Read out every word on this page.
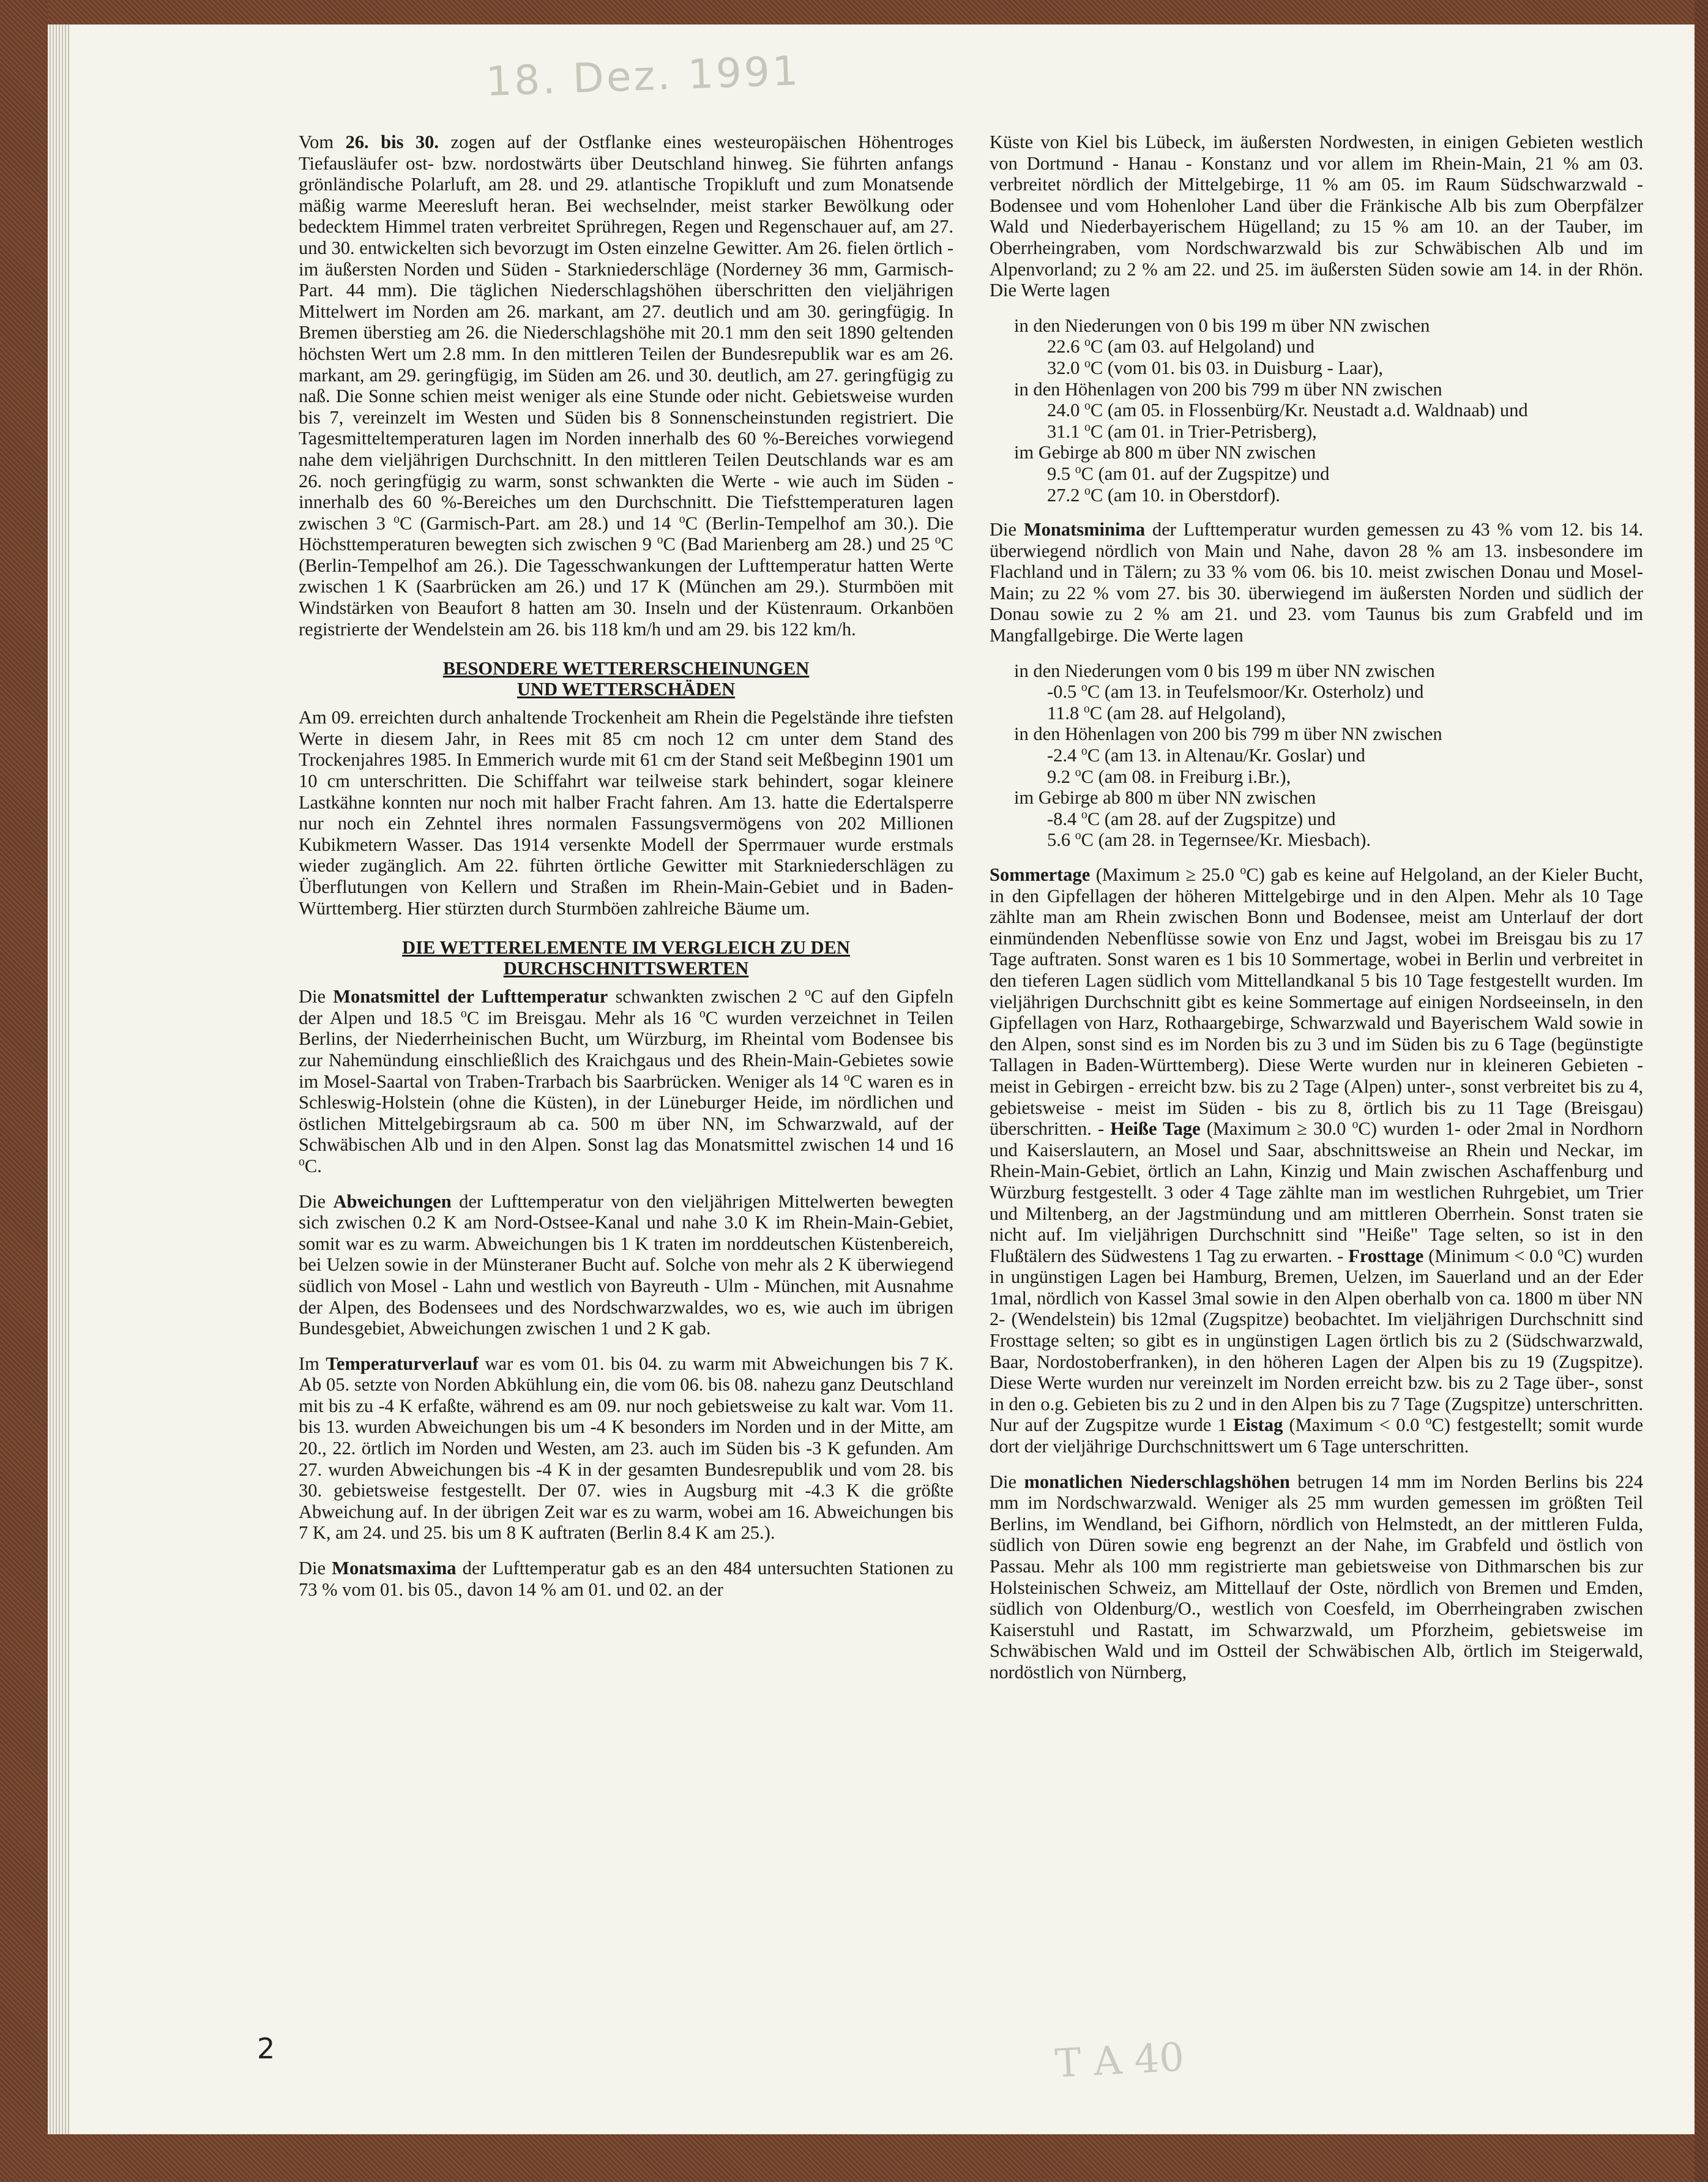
18. Dez. 1991
T A 40

Vom 26. bis 30. zogen auf der Ostflanke eines westeuropäischen Höhentroges Tiefausläufer ost- bzw. nordostwärts über Deutschland hinweg. Sie führten anfangs grönländische Polarluft, am 28. und 29. atlantische Tropikluft und zum Monatsende mäßig warme Meeresluft heran. Bei wechselnder, meist starker Bewölkung oder bedecktem Himmel traten verbreitet Sprühregen, Regen und Regenschauer auf, am 27. und 30. entwickelten sich bevorzugt im Osten einzelne Gewitter. Am 26. fielen örtlich - im äußersten Norden und Süden - Starkniederschläge (Norderney 36 mm, Garmisch-Part. 44 mm). Die täglichen Niederschlagshöhen überschritten den vieljährigen Mittelwert im Norden am 26. markant, am 27. deutlich und am 30. geringfügig. In Bremen überstieg am 26. die Niederschlagshöhe mit 20.1 mm den seit 1890 geltenden höchsten Wert um 2.8 mm. In den mittleren Teilen der Bundesrepublik war es am 26. markant, am 29. geringfügig, im Süden am 26. und 30. deutlich, am 27. geringfügig zu naß. Die Sonne schien meist weniger als eine Stunde oder nicht. Gebietsweise wurden bis 7, vereinzelt im Westen und Süden bis 8 Sonnenscheinstunden registriert. Die Tagesmitteltemperaturen lagen im Norden innerhalb des 60 %-Bereiches vorwiegend nahe dem vieljährigen Durchschnitt. In den mittleren Teilen Deutschlands war es am 26. noch geringfügig zu warm, sonst schwankten die Werte - wie auch im Süden - innerhalb des 60 %-Bereiches um den Durchschnitt. Die Tiefsttemperaturen lagen zwischen 3 $^o$C (Garmisch-Part. am 28.) und 14 $^o$C (Berlin-Tempelhof am 30.). Die Höchsttemperaturen bewegten sich zwischen 9 $^o$C (Bad Marienberg am 28.) und 25 $^o$C (Berlin-Tempelhof am 26.). Die Tagesschwankungen der Lufttemperatur hatten Werte zwischen 1 K (Saarbrücken am 26.) und 17 K (München am 29.). Sturmböen mit Windstärken von Beaufort 8 hatten am 30. Inseln und der Küstenraum. Orkanböen registrierte der Wendelstein am 26. bis 118 km/h und am 29. bis 122 km/h.

BESONDERE WETTERERSCHEINUNGEN
UND WETTERSCHÄDEN

Am 09. erreichten durch anhaltende Trockenheit am Rhein die Pegelstände ihre tiefsten Werte in diesem Jahr, in Rees mit 85 cm noch 12 cm unter dem Stand des Trockenjahres 1985. In Emmerich wurde mit 61 cm der Stand seit Meßbeginn 1901 um 10 cm unterschritten. Die Schiffahrt war teilweise stark behindert, sogar kleinere Lastkähne konnten nur noch mit halber Fracht fahren. Am 13. hatte die Edertalsperre nur noch ein Zehntel ihres normalen Fassungsvermögens von 202 Millionen Kubikmetern Wasser. Das 1914 versenkte Modell der Sperrmauer wurde erstmals wieder zugänglich. Am 22. führten örtliche Gewitter mit Starkniederschlägen zu Überflutungen von Kellern und Straßen im Rhein-Main-Gebiet und in Baden-Württemberg. Hier stürzten durch Sturmböen zahlreiche Bäume um.

DIE WETTERELEMENTE IM VERGLEICH ZU DEN
DURCHSCHNITTSWERTEN

Die Monatsmittel der Lufttemperatur schwankten zwischen 2 $^o$C auf den Gipfeln der Alpen und 18.5 $^o$C im Breisgau. Mehr als 16 $^o$C wurden verzeichnet in Teilen Berlins, der Niederrheinischen Bucht, um Würzburg, im Rheintal vom Bodensee bis zur Nahemündung einschließlich des Kraichgaus und des Rhein-Main-Gebietes sowie im Mosel-Saartal von Traben-Trarbach bis Saarbrücken. Weniger als 14 $^o$C waren es in Schleswig-Holstein (ohne die Küsten), in der Lüneburger Heide, im nördlichen und östlichen Mittelgebirgsraum ab ca. 500 m über NN, im Schwarzwald, auf der Schwäbischen Alb und in den Alpen. Sonst lag das Monatsmittel zwischen 14 und 16 $^o$C.

Die Abweichungen der Lufttemperatur von den vieljährigen Mittelwerten bewegten sich zwischen 0.2 K am Nord-Ostsee-Kanal und nahe 3.0 K im Rhein-Main-Gebiet, somit war es zu warm. Abweichungen bis 1 K traten im norddeutschen Küstenbereich, bei Uelzen sowie in der Münsteraner Bucht auf. Solche von mehr als 2 K überwiegend südlich von Mosel - Lahn und westlich von Bayreuth - Ulm - München, mit Ausnahme der Alpen, des Bodensees und des Nordschwarzwaldes, wo es, wie auch im übrigen Bundesgebiet, Abweichungen zwischen 1 und 2 K gab.

Im Temperaturverlauf war es vom 01. bis 04. zu warm mit Abweichungen bis 7 K. Ab 05. setzte von Norden Abkühlung ein, die vom 06. bis 08. nahezu ganz Deutschland mit bis zu -4 K erfaßte, während es am 09. nur noch gebietsweise zu kalt war. Vom 11. bis 13. wurden Abweichungen bis um -4 K besonders im Norden und in der Mitte, am 20., 22. örtlich im Norden und Westen, am 23. auch im Süden bis -3 K gefunden. Am 27. wurden Abweichungen bis -4 K in der gesamten Bundesrepublik und vom 28. bis 30. gebietsweise festgestellt. Der 07. wies in Augsburg mit -4.3 K die größte Abweichung auf. In der übrigen Zeit war es zu warm, wobei am 16. Abweichungen bis 7 K, am 24. und 25. bis um 8 K auftraten (Berlin 8.4 K am 25.).

Die Monatsmaxima der Lufttemperatur gab es an den 484 untersuchten Stationen zu 73 % vom 01. bis 05., davon 14 % am 01. und 02. an der

Küste von Kiel bis Lübeck, im äußersten Nordwesten, in einigen Gebieten westlich von Dortmund - Hanau - Konstanz und vor allem im Rhein-Main, 21 % am 03. verbreitet nördlich der Mittelgebirge, 11 % am 05. im Raum Südschwarzwald - Bodensee und vom Hohenloher Land über die Fränkische Alb bis zum Oberpfälzer Wald und Niederbayerischem Hügelland; zu 15 % am 10. an der Tauber, im Oberrheingraben, vom Nordschwarzwald bis zur Schwäbischen Alb und im Alpenvorland; zu 2 % am 22. und 25. im äußersten Süden sowie am 14. in der Rhön. Die Werte lagen

in den Niederungen von 0 bis 199 m über NN zwischen
22.6 $^o$C (am 03. auf Helgoland) und
32.0 $^o$C (vom 01. bis 03. in Duisburg - Laar),
in den Höhenlagen von 200 bis 799 m über NN zwischen
24.0 $^o$C (am 05. in Flossenbürg/Kr. Neustadt a.d. Waldnaab) und
31.1 $^o$C (am 01. in Trier-Petrisberg),
im Gebirge ab 800 m über NN zwischen
9.5 $^o$C (am 01. auf der Zugspitze) und
27.2 $^o$C (am 10. in Oberstdorf).

Die Monatsminima der Lufttemperatur wurden gemessen zu 43 % vom 12. bis 14. überwiegend nördlich von Main und Nahe, davon 28 % am 13. insbesondere im Flachland und in Tälern; zu 33 % vom 06. bis 10. meist zwischen Donau und Mosel-Main; zu 22 % vom 27. bis 30. überwiegend im äußersten Norden und südlich der Donau sowie zu 2 % am 21. und 23. vom Taunus bis zum Grabfeld und im Mangfallgebirge. Die Werte lagen

in den Niederungen vom 0 bis 199 m über NN zwischen
-0.5 $^o$C (am 13. in Teufelsmoor/Kr. Osterholz) und
11.8 $^o$C (am 28. auf Helgoland),
in den Höhenlagen von 200 bis 799 m über NN zwischen
-2.4 $^o$C (am 13. in Altenau/Kr. Goslar) und
9.2 $^o$C (am 08. in Freiburg i.Br.),
im Gebirge ab 800 m über NN zwischen
-8.4 $^o$C (am 28. auf der Zugspitze) und
5.6 $^o$C (am 28. in Tegernsee/Kr. Miesbach).

Sommertage (Maximum ≥ 25.0 $^o$C) gab es keine auf Helgoland, an der Kieler Bucht, in den Gipfellagen der höheren Mittelgebirge und in den Alpen. Mehr als 10 Tage zählte man am Rhein zwischen Bonn und Bodensee, meist am Unterlauf der dort einmündenden Nebenflüsse sowie von Enz und Jagst, wobei im Breisgau bis zu 17 Tage auftraten. Sonst waren es 1 bis 10 Sommertage, wobei in Berlin und verbreitet in den tieferen Lagen südlich vom Mittellandkanal 5 bis 10 Tage festgestellt wurden. Im vieljährigen Durchschnitt gibt es keine Sommertage auf einigen Nordseeinseln, in den Gipfellagen von Harz, Rothaargebirge, Schwarzwald und Bayerischem Wald sowie in den Alpen, sonst sind es im Norden bis zu 3 und im Süden bis zu 6 Tage (begünstigte Tallagen in Baden-Württemberg). Diese Werte wurden nur in kleineren Gebieten - meist in Gebirgen - erreicht bzw. bis zu 2 Tage (Alpen) unter-, sonst verbreitet bis zu 4, gebietsweise - meist im Süden - bis zu 8, örtlich bis zu 11 Tage (Breisgau) überschritten. - Heiße Tage (Maximum ≥ 30.0 $^o$C) wurden 1- oder 2mal in Nordhorn und Kaiserslautern, an Mosel und Saar, abschnittsweise an Rhein und Neckar, im Rhein-Main-Gebiet, örtlich an Lahn, Kinzig und Main zwischen Aschaffenburg und Würzburg festgestellt. 3 oder 4 Tage zählte man im westlichen Ruhrgebiet, um Trier und Miltenberg, an der Jagstmündung und am mittleren Oberrhein. Sonst traten sie nicht auf. Im vieljährigen Durchschnitt sind "Heiße" Tage selten, so ist in den Flußtälern des Südwestens 1 Tag zu erwarten. - Frosttage (Minimum < 0.0 $^o$C) wurden in ungünstigen Lagen bei Hamburg, Bremen, Uelzen, im Sauerland und an der Eder 1mal, nördlich von Kassel 3mal sowie in den Alpen oberhalb von ca. 1800 m über NN 2- (Wendelstein) bis 12mal (Zugspitze) beobachtet. Im vieljährigen Durchschnitt sind Frosttage selten; so gibt es in ungünstigen Lagen örtlich bis zu 2 (Südschwarzwald, Baar, Nordostoberfranken), in den höheren Lagen der Alpen bis zu 19 (Zugspitze). Diese Werte wurden nur vereinzelt im Norden erreicht bzw. bis zu 2 Tage über-, sonst in den o.g. Gebieten bis zu 2 und in den Alpen bis zu 7 Tage (Zugspitze) unterschritten. Nur auf der Zugspitze wurde 1 Eistag (Maximum < 0.0 $^o$C) festgestellt; somit wurde dort der vieljährige Durchschnittswert um 6 Tage unterschritten.

Die monatlichen Niederschlagshöhen betrugen 14 mm im Norden Berlins bis 224 mm im Nordschwarzwald. Weniger als 25 mm wurden gemessen im größten Teil Berlins, im Wendland, bei Gifhorn, nördlich von Helmstedt, an der mittleren Fulda, südlich von Düren sowie eng begrenzt an der Nahe, im Grabfeld und östlich von Passau. Mehr als 100 mm registrierte man gebietsweise von Dithmarschen bis zur Holsteinischen Schweiz, am Mittellauf der Oste, nördlich von Bremen und Emden, südlich von Oldenburg/O., westlich von Coesfeld, im Oberrheingraben zwischen Kaiserstuhl und Rastatt, im Schwarzwald, um Pforzheim, gebietsweise im Schwäbischen Wald und im Ostteil der Schwäbischen Alb, örtlich im Steigerwald, nordöstlich von Nürnberg,

2
